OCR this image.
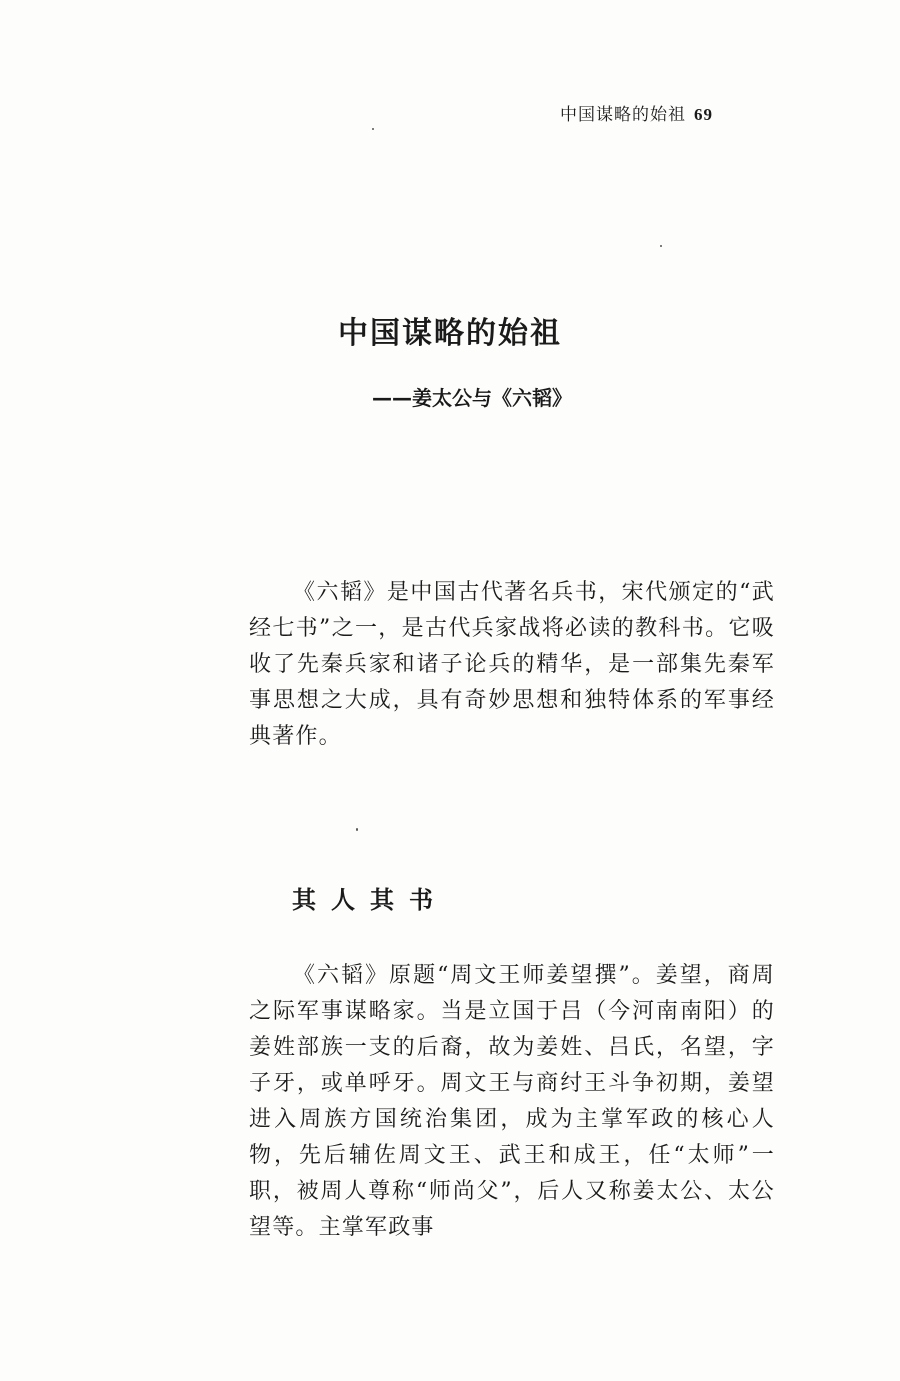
中国谋略的始祖 69
中国谋略的始祖
——姜太公与《六韬》

《六韬》是中国古代著名兵书，宋代颁定的“武经七书”之一，是古代兵家战将必读的教科书。它吸收了先秦兵家和诸子论兵的精华，是一部集先秦军事思想之大成，具有奇妙思想和独特体系的军事经典著作。

其人其书

《六韬》原题“周文王师姜望撰”。姜望，商周之际军事谋略家。当是立国于吕（今河南南阳）的姜姓部族一支的后裔，故为姜姓、吕氏，名望，字子牙，或单呼牙。周文王与商纣王斗争初期，姜望进入周族方国统治集团，成为主掌军政的核心人物，先后辅佐周文王、武王和成王，任“太师”一职，被周人尊称“师尚父”，后人又称姜太公、太公望等。主掌军政事
